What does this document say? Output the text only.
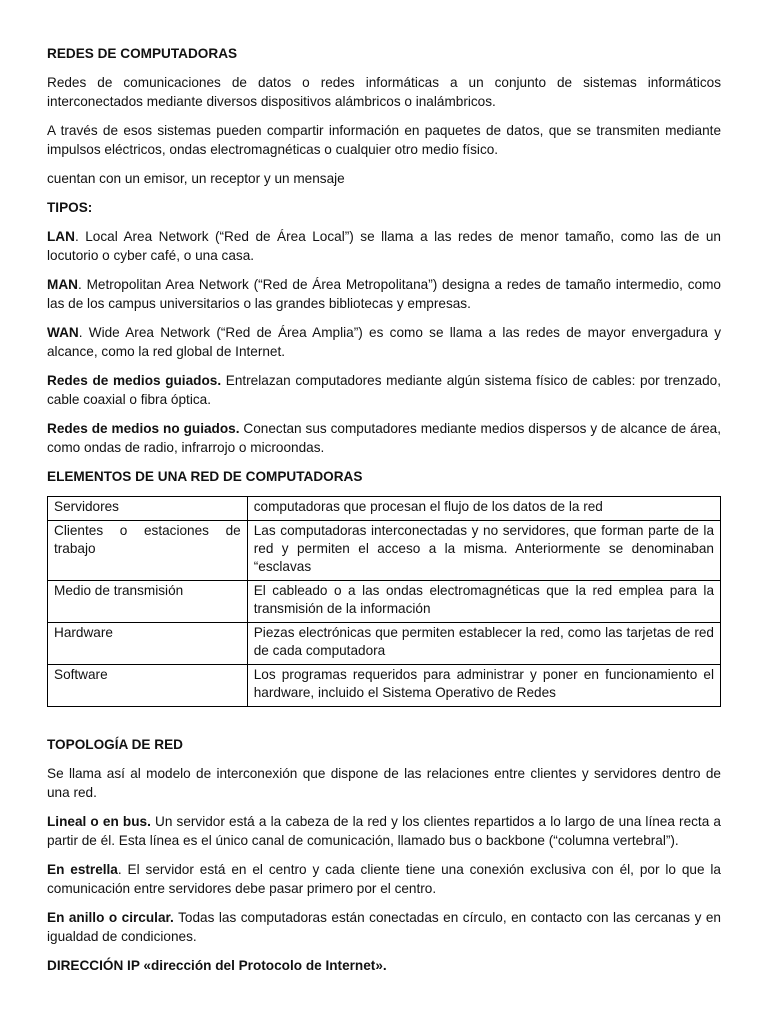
REDES DE COMPUTADORAS

Redes de comunicaciones de datos o redes informáticas a un conjunto de sistemas informáticos interconectados mediante diversos dispositivos alámbricos o inalámbricos.

A través de esos sistemas pueden compartir información en paquetes de datos, que se transmiten mediante impulsos eléctricos, ondas electromagnéticas o cualquier otro medio físico.

cuentan con un emisor, un receptor y un mensaje

TIPOS:

LAN. Local Area Network (“Red de Área Local”) se llama a las redes de menor tamaño, como las de un locutorio o cyber café, o una casa.

MAN. Metropolitan Area Network (“Red de Área Metropolitana”) designa a redes de tamaño intermedio, como las de los campus universitarios o las grandes bibliotecas y empresas.

WAN. Wide Area Network (“Red de Área Amplia”) es como se llama a las redes de mayor envergadura y alcance, como la red global de Internet.

Redes de medios guiados. Entrelazan computadores mediante algún sistema físico de cables: por trenzado, cable coaxial o fibra óptica.

Redes de medios no guiados. Conectan sus computadores mediante medios dispersos y de alcance de área, como ondas de radio, infrarrojo o microondas.

ELEMENTOS DE UNA RED DE COMPUTADORAS

Servidores	computadoras que procesan el flujo de los datos de la red
Clientes o estaciones de trabajo	Las computadoras interconectadas y no servidores, que forman parte de la red y permiten el acceso a la misma. Anteriormente se denominaban “esclavas
Medio de transmisión	El cableado o a las ondas electromagnéticas que la red emplea para la transmisión de la información
Hardware	Piezas electrónicas que permiten establecer la red, como las tarjetas de red de cada computadora
Software	Los programas requeridos para administrar y poner en funcionamiento el hardware, incluido el Sistema Operativo de Redes

TOPOLOGÍA DE RED

Se llama así al modelo de interconexión que dispone de las relaciones entre clientes y servidores dentro de una red.

Lineal o en bus. Un servidor está a la cabeza de la red y los clientes repartidos a lo largo de una línea recta a partir de él. Esta línea es el único canal de comunicación, llamado bus o backbone (“columna vertebral”).

En estrella. El servidor está en el centro y cada cliente tiene una conexión exclusiva con él, por lo que la comunicación entre servidores debe pasar primero por el centro.

En anillo o circular. Todas las computadoras están conectadas en círculo, en contacto con las cercanas y en igualdad de condiciones.

DIRECCIÓN IP «dirección del Protocolo de Internet».
